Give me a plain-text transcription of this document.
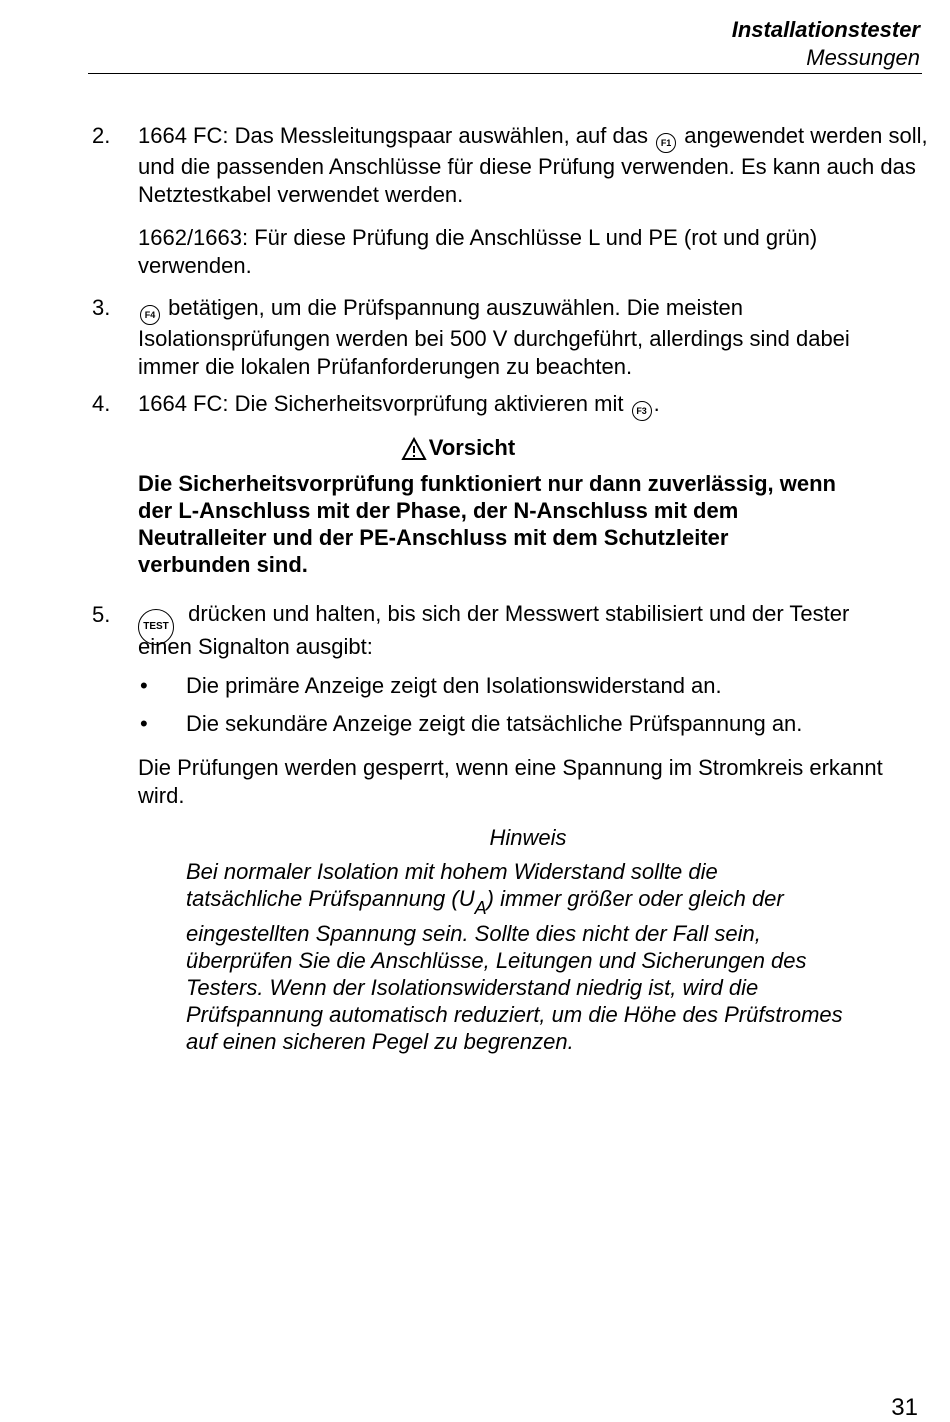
Installationstester
Messungen
2. 1664 FC: Das Messleitungspaar auswählen, auf das F1 angewendet werden soll, und die passenden Anschlüsse für diese Prüfung verwenden. Es kann auch das Netztestkabel verwendet werden.

1662/1663: Für diese Prüfung die Anschlüsse L und PE (rot und grün) verwenden.

3.	F4 betätigen, um die Prüfspannung auszuwählen. Die meisten Isolationsprüfungen werden bei 500 V durchgeführt, allerdings sind dabei immer die lokalen Prüfanforderungen zu beachten.

4. 1664 FC: Die Sicherheitsvorprüfung aktivieren mit F3 .

Vorsicht

Die Sicherheitsvorprüfung funktioniert nur dann zuverlässig, wenn der L-Anschluss mit der Phase, der N-Anschluss mit dem Neutralleiter und der PE-Anschluss mit dem Schutzleiter verbunden sind.

5.	TEST drücken und halten, bis sich der Messwert stabilisiert und der Tester

einen Signalton ausgibt:

• Die primäre Anzeige zeigt den Isolationswiderstand an.

• Die sekundäre Anzeige zeigt die tatsächliche Prüfspannung an.

Die Prüfungen werden gesperrt, wenn eine Spannung im Stromkreis erkannt wird.

Hinweis

Bei normaler Isolation mit hohem Widerstand sollte die

tatsächliche Prüfspannung $(U_A)$ immer größer oder gleich der

eingestellten Spannung sein. Sollte dies nicht der Fall sein, überprüfen Sie die Anschlüsse, Leitungen und Sicherungen des Testers. Wenn der Isolationswiderstand niedrig ist, wird die Prüfspannung automatisch reduziert, um die Höhe des Prüfstromes auf einen sicheren Pegel zu begrenzen.

31
